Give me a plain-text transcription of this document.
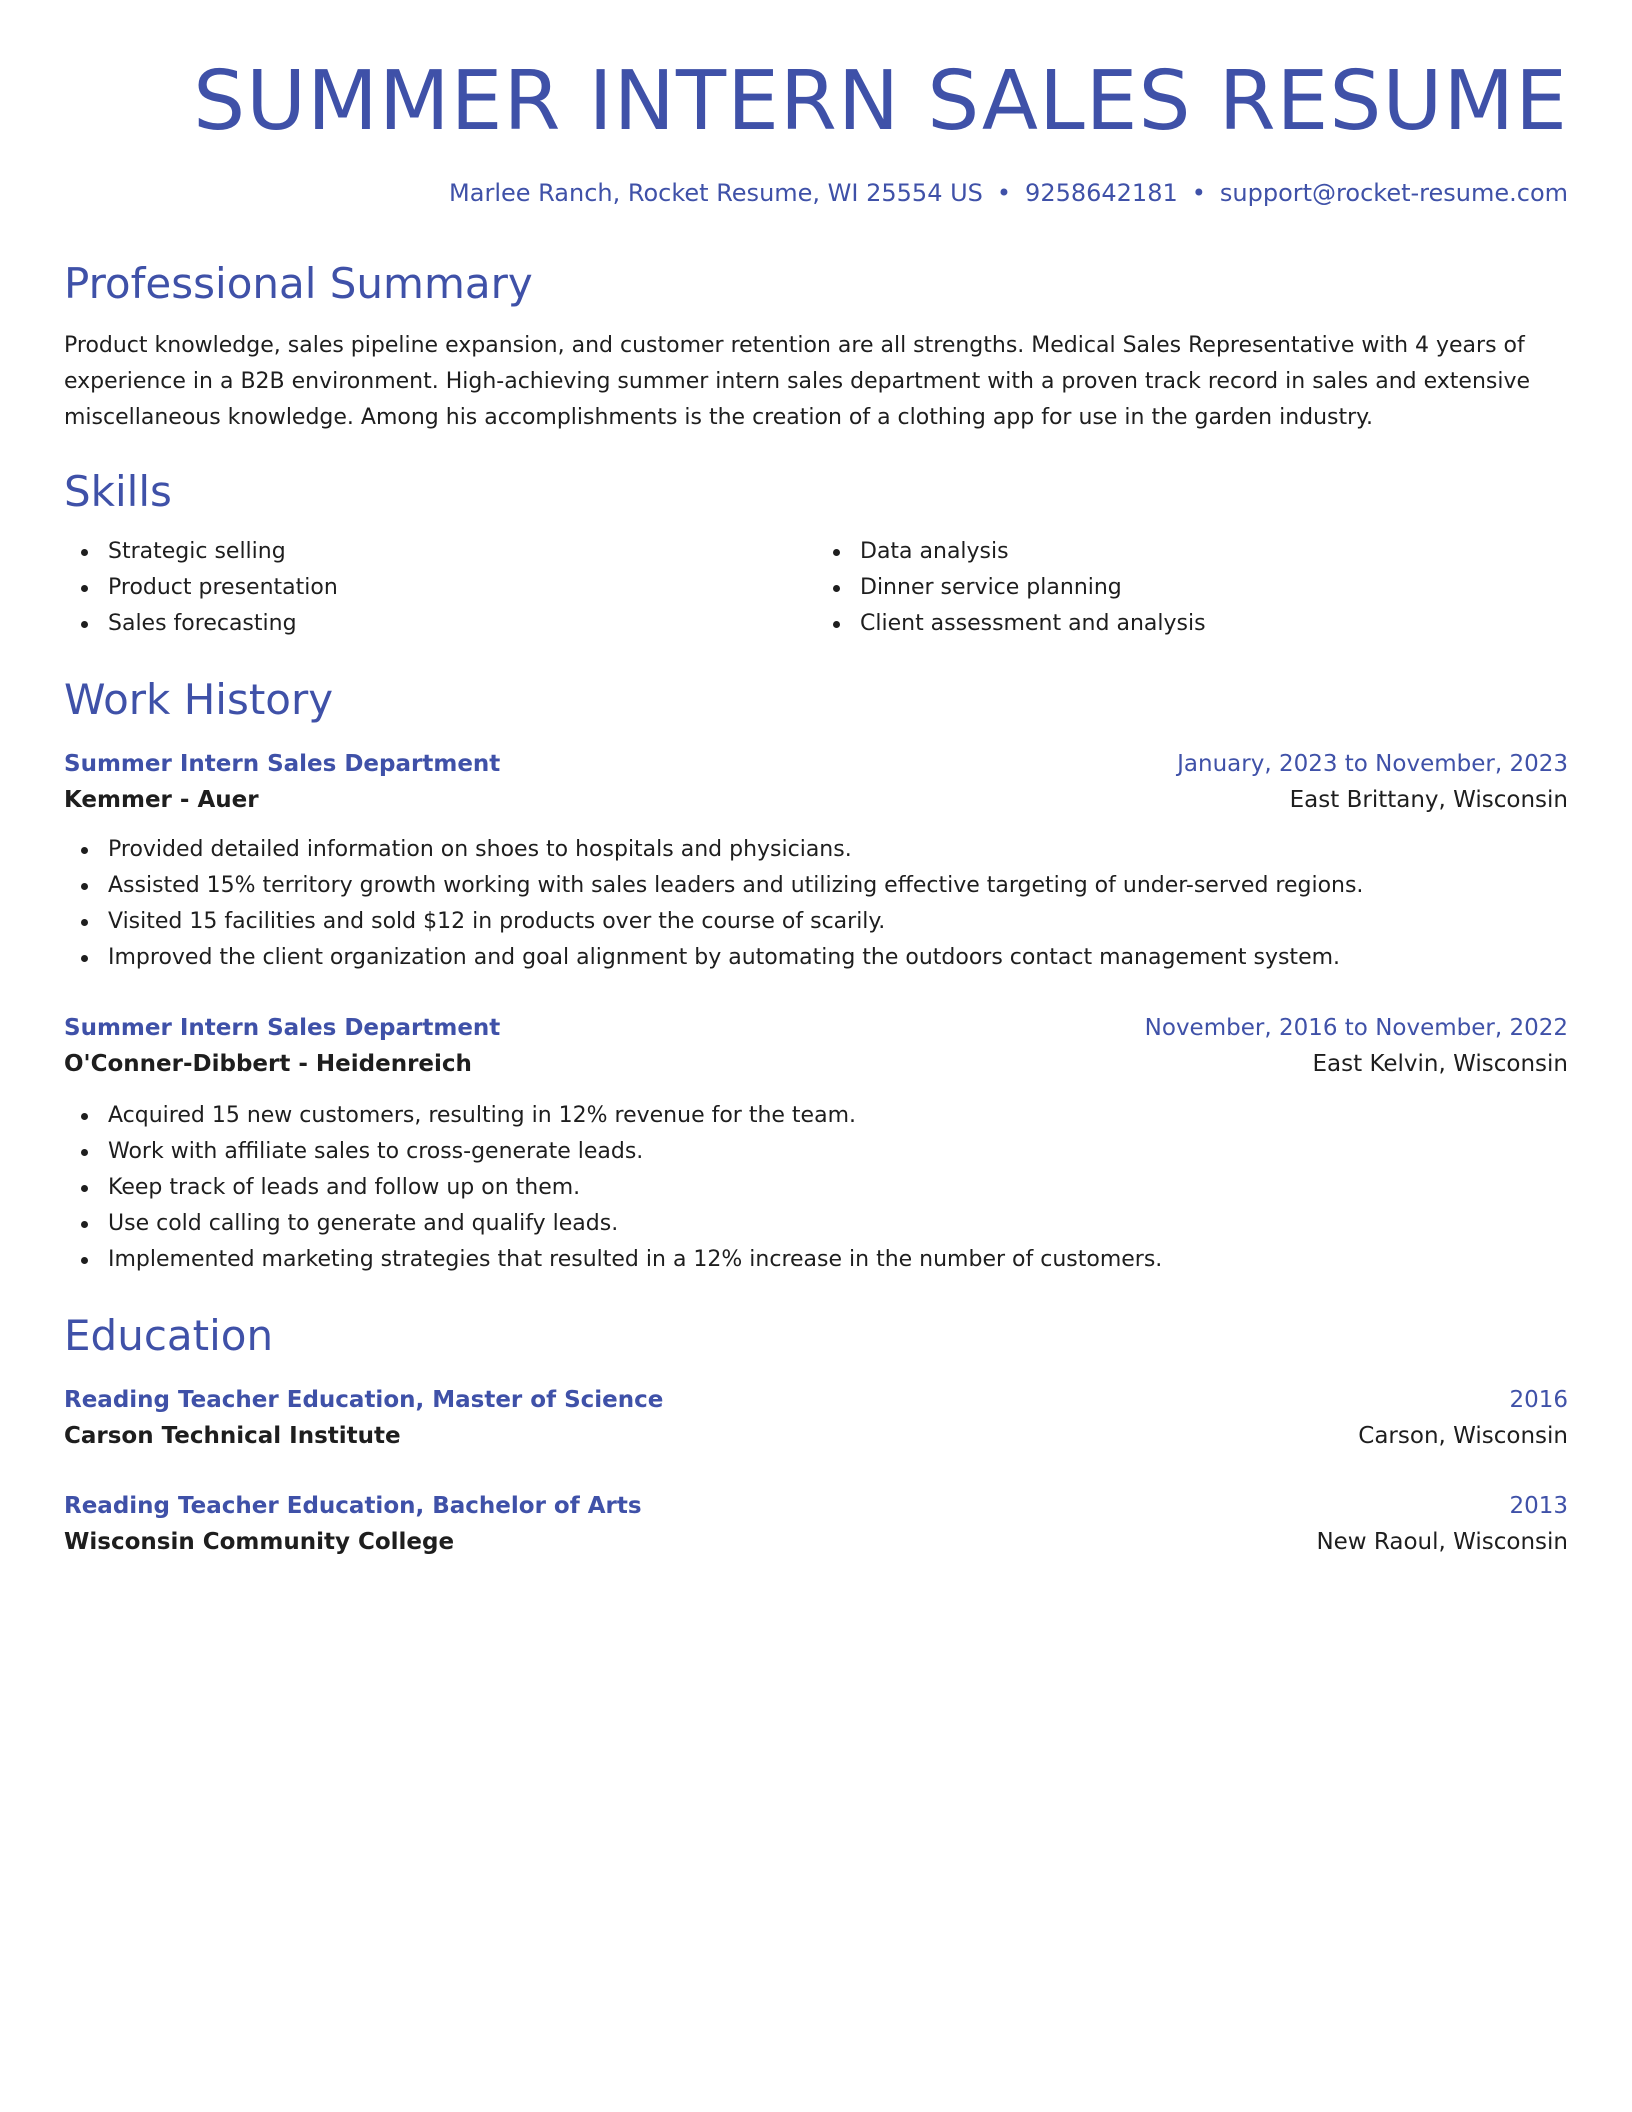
SUMMER INTERN SALES RESUME
Marlee Ranch, Rocket Resume, WI 25554 US • 9258642181 • support@rocket-resume.com
Professional Summary

Product knowledge, sales pipeline expansion, and customer retention are all strengths. Medical Sales Representative with 4 years of experience in a B2B environment. High-achieving summer intern sales department with a proven track record in sales and extensive miscellaneous knowledge. Among his accomplishments is the creation of a clothing app for use in the garden industry.

Skills
Strategic selling
Product presentation
Sales forecasting
Data analysis
Dinner service planning
Client assessment and analysis
Work History
Summer Intern Sales Department	January, 2023 to November, 2023
Kemmer - Auer	East Brittany, Wisconsin
Provided detailed information on shoes to hospitals and physicians.
Assisted 15% territory growth working with sales leaders and utilizing effective targeting of under-served regions.
Visited 15 facilities and sold $12 in products over the course of scarily.
Improved the client organization and goal alignment by automating the outdoors contact management system.
Summer Intern Sales Department	November, 2016 to November, 2022
O'Conner-Dibbert - Heidenreich	East Kelvin, Wisconsin
Acquired 15 new customers, resulting in 12% revenue for the team.
Work with affiliate sales to cross-generate leads.
Keep track of leads and follow up on them.
Use cold calling to generate and qualify leads.
Implemented marketing strategies that resulted in a 12% increase in the number of customers.
Education
Reading Teacher Education, Master of Science	2016
Carson Technical Institute	Carson, Wisconsin
Reading Teacher Education, Bachelor of Arts	2013
Wisconsin Community College	New Raoul, Wisconsin
